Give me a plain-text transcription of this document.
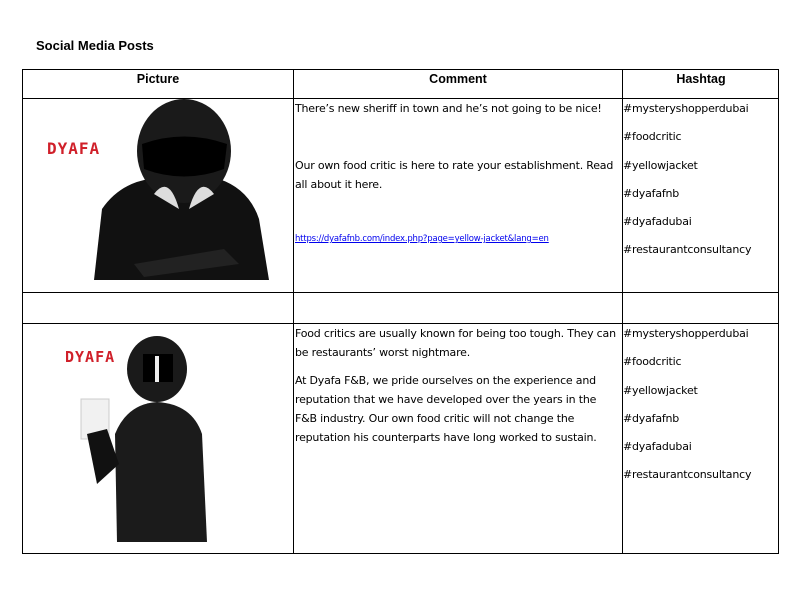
Social Media Posts
Picture	Comment	Hashtag
DYAFA

There’s new sheriff in town and he’s not going to be nice!

Our own food critic is here to rate your establishment. Read all about it here.

https://dyafafnb.com/index.php?page=yellow-jacket&lang=en

#mysteryshopperdubai
#foodcritic
#yellowjacket
#dyafafnb
#dyafadubai
#restaurantconsultancy
DYAFA

Food critics are usually known for being too tough. They can be restaurants’ worst nightmare.

At Dyafa F&B, we pride ourselves on the experience and reputation that we have developed over the years in the F&B industry. Our own food critic will not change the reputation his counterparts have long worked to sustain.

#mysteryshopperdubai
#foodcritic
#yellowjacket
#dyafafnb
#dyafadubai
#restaurantconsultancy
